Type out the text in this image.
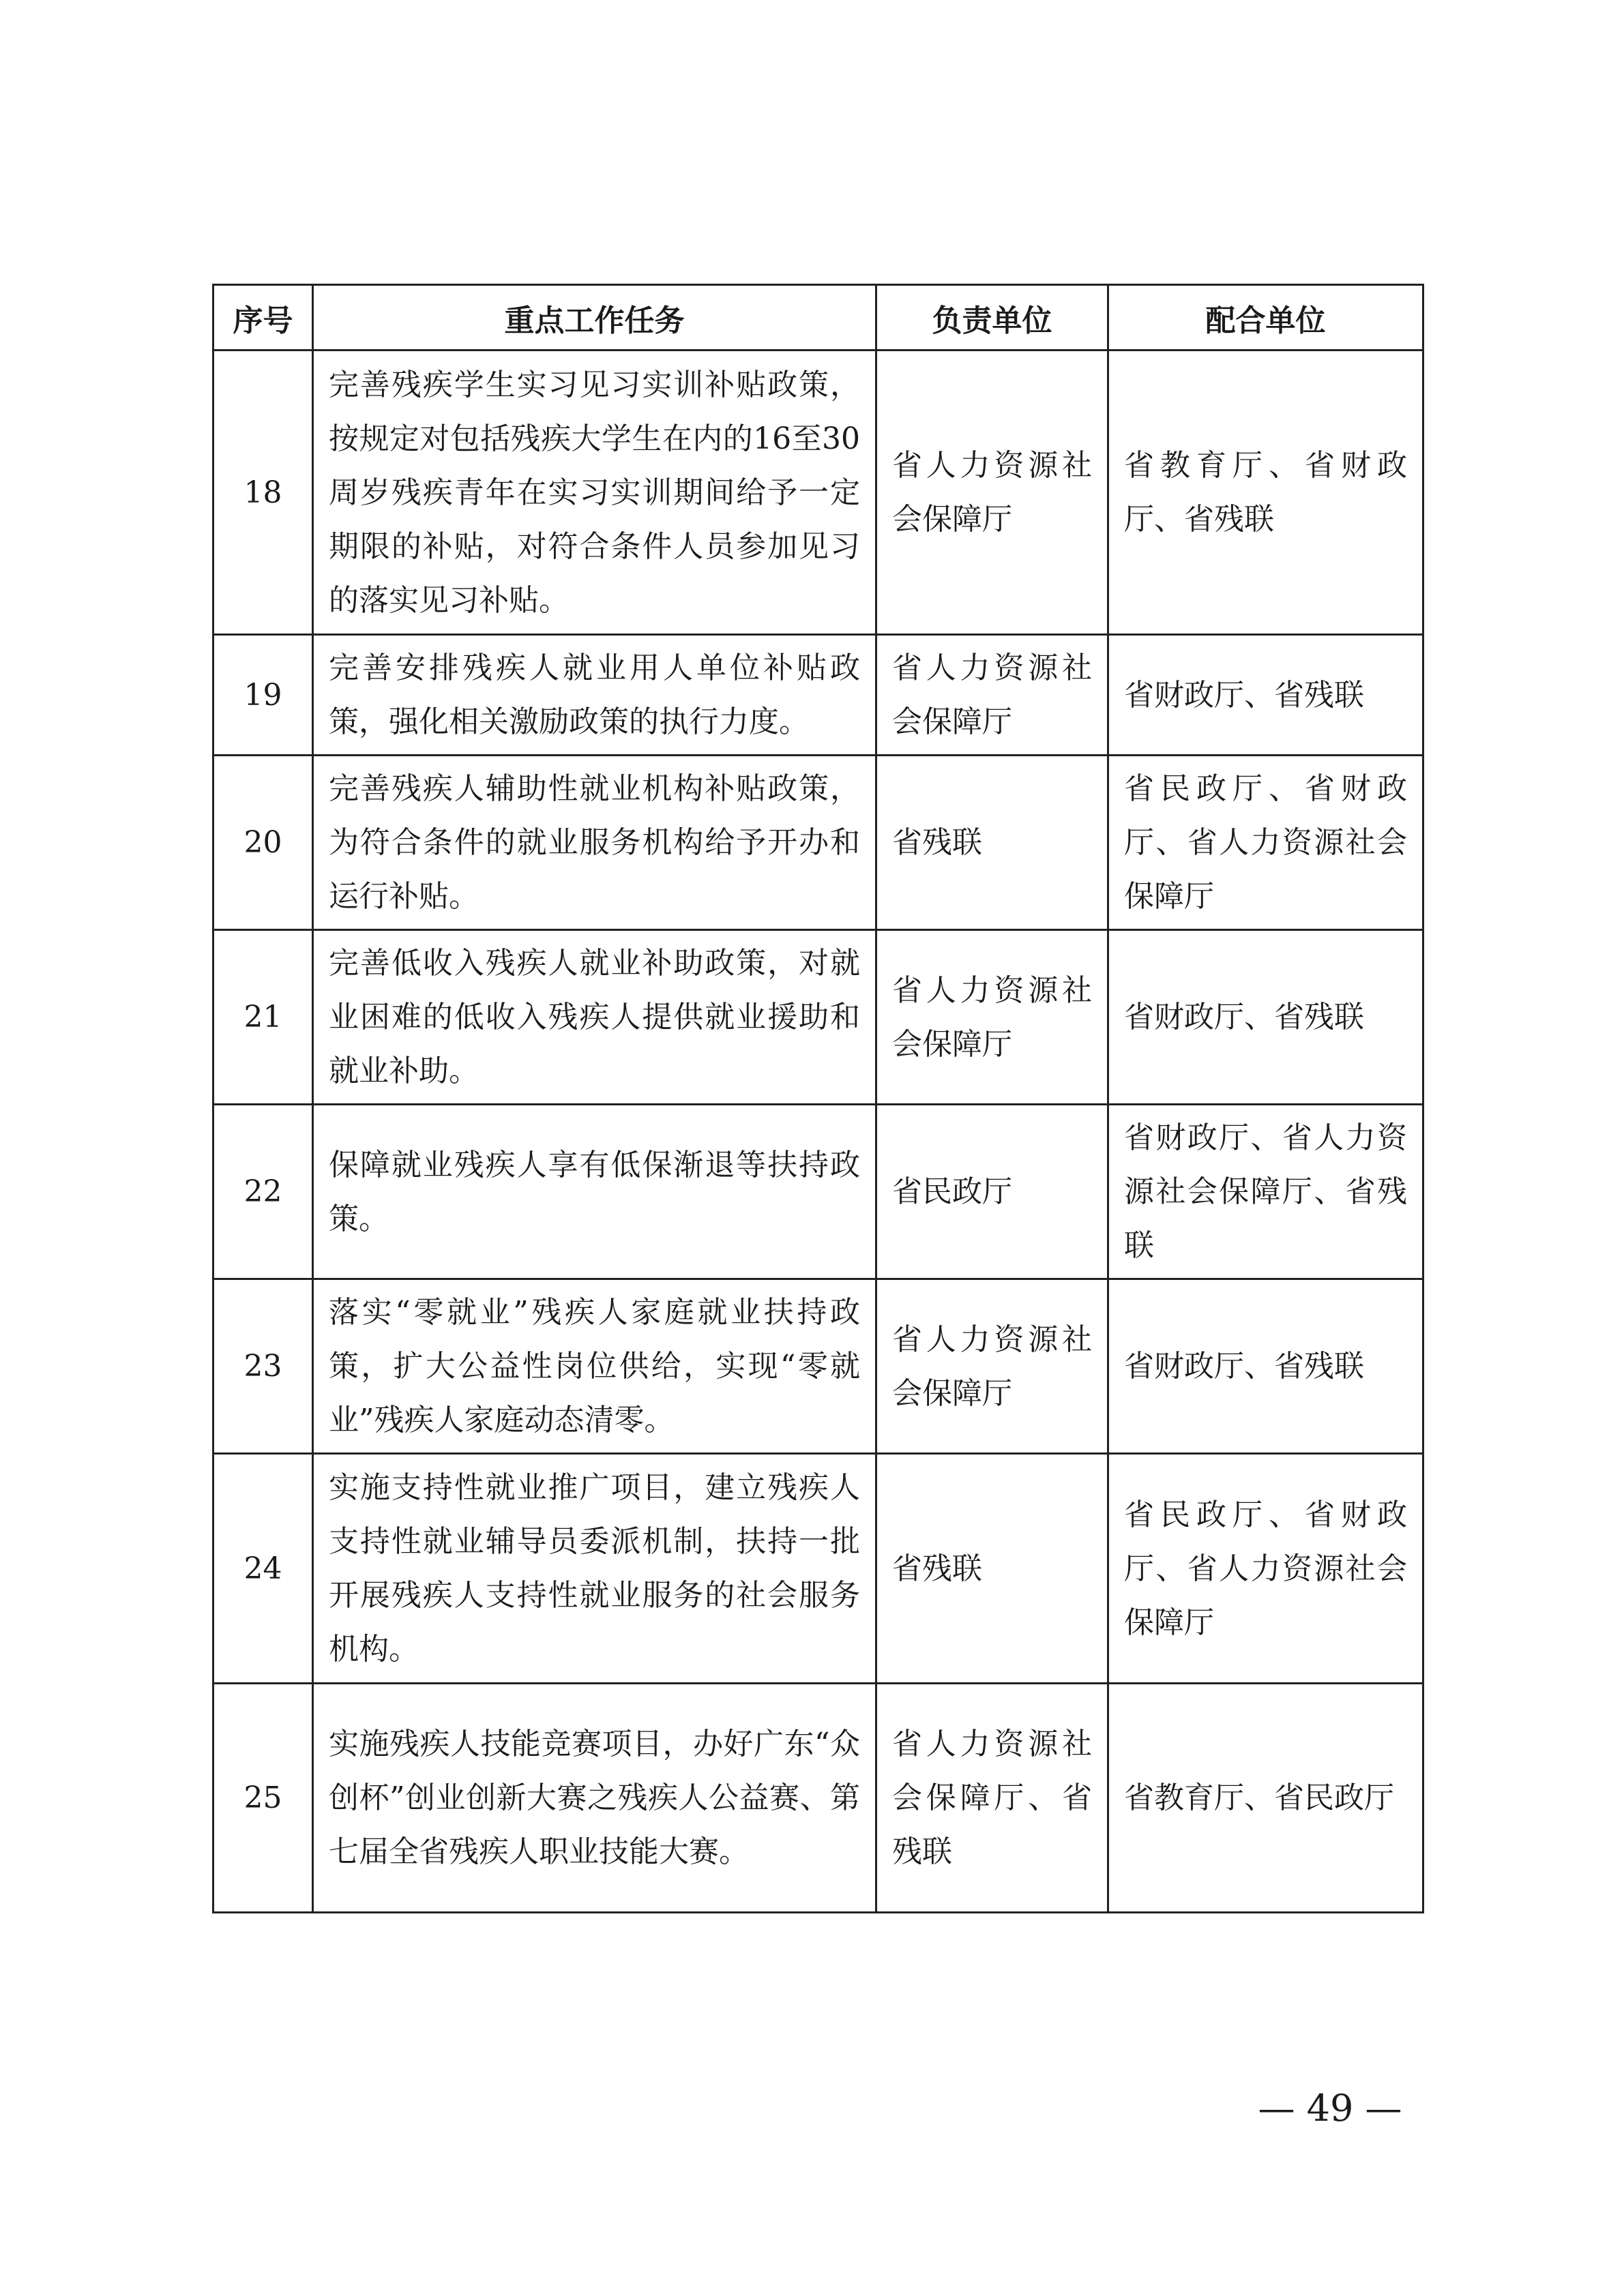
序号	重点工作任务	负责单位	配合单位
18	完善残疾学生实习见习实训补贴政策，按规定对包括残疾大学生在内的16至30周岁残疾青年在实习实训期间给予一定期限的补贴，对符合条件人员参加见习的落实见习补贴。	省人力资源社会保障厅	省教育厅、省财政厅、省残联
19	完善安排残疾人就业用人单位补贴政策，强化相关激励政策的执行力度。	省人力资源社会保障厅	省财政厅、省残联
20	完善残疾人辅助性就业机构补贴政策，为符合条件的就业服务机构给予开办和运行补贴。	省残联	省民政厅、省财政厅、省人力资源社会保障厅
21	完善低收入残疾人就业补助政策，对就业困难的低收入残疾人提供就业援助和就业补助。	省人力资源社会保障厅	省财政厅、省残联
22	保障就业残疾人享有低保渐退等扶持政策。	省民政厅	省财政厅、省人力资源社会保障厅、省残联
23	落实“零就业”残疾人家庭就业扶持政策，扩大公益性岗位供给，实现“零就业”残疾人家庭动态清零。	省人力资源社会保障厅	省财政厅、省残联
24	实施支持性就业推广项目，建立残疾人支持性就业辅导员委派机制，扶持一批开展残疾人支持性就业服务的社会服务机构。	省残联	省民政厅、省财政厅、省人力资源社会保障厅
25	实施残疾人技能竞赛项目，办好广东“众创杯”创业创新大赛之残疾人公益赛、第七届全省残疾人职业技能大赛。	省人力资源社会保障厅、省残联	省教育厅、省民政厅
— 49 —
